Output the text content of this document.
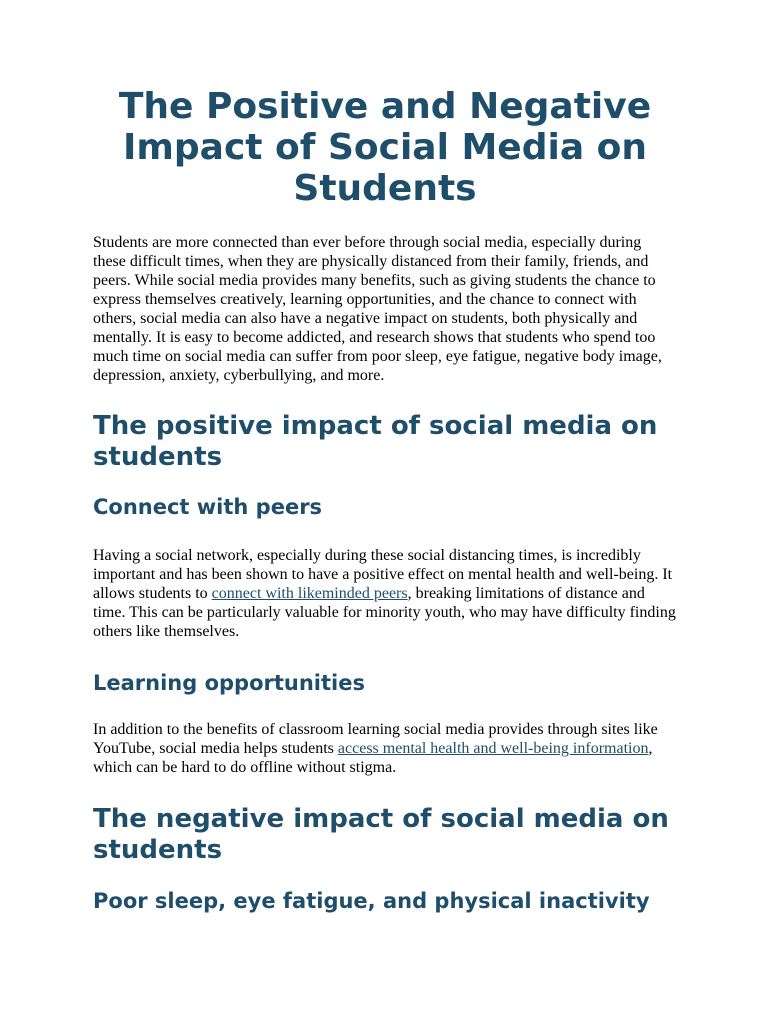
The Positive and Negative Impact of Social Media on Students

Students are more connected than ever before through social media, especially during these difficult times, when they are physically distanced from their family, friends, and peers. While social media provides many benefits, such as giving students the chance to express themselves creatively, learning opportunities, and the chance to connect with others, social media can also have a negative impact on students, both physically and mentally. It is easy to become addicted, and research shows that students who spend too much time on social media can suffer from poor sleep, eye fatigue, negative body image, depression, anxiety, cyberbullying, and more.

The positive impact of social media on students
Connect with peers

Having a social network, especially during these social distancing times, is incredibly important and has been shown to have a positive effect on mental health and well-being. It allows students to connect with likeminded peers, breaking limitations of distance and time. This can be particularly valuable for minority youth, who may have difficulty finding others like themselves.

Learning opportunities

In addition to the benefits of classroom learning social media provides through sites like YouTube, social media helps students access mental health and well-being information, which can be hard to do offline without stigma.

The negative impact of social media on students
Poor sleep, eye fatigue, and physical inactivity
